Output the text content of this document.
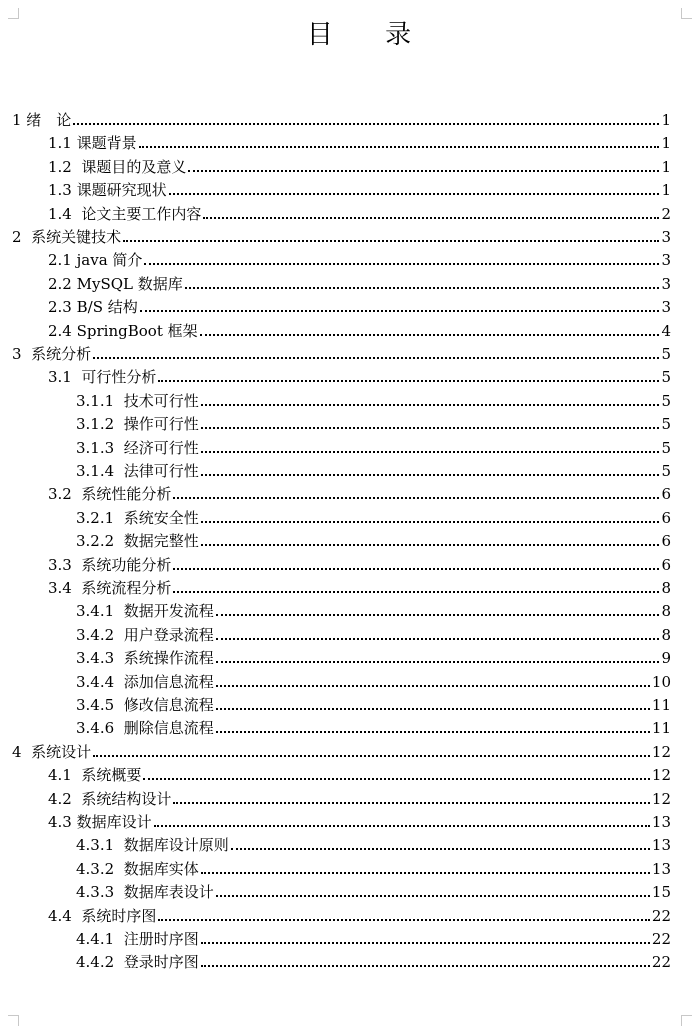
目 录
1 绪　论	1
1.1 课题背景	1
1.2  课题目的及意义	1
1.3 课题研究现状	1
1.4  论文主要工作内容	2
2  系统关键技术	3
2.1 java 简介	3
2.2 MySQL 数据库	3
2.3 B/S 结构	3
2.4 SpringBoot 框架	4
3  系统分析	5
3.1  可行性分析	5
3.1.1  技术可行性	5
3.1.2  操作可行性	5
3.1.3  经济可行性	5
3.1.4  法律可行性	5
3.2  系统性能分析	6
3.2.1  系统安全性	6
3.2.2  数据完整性	6
3.3  系统功能分析	6
3.4  系统流程分析	8
3.4.1  数据开发流程	8
3.4.2  用户登录流程	8
3.4.3  系统操作流程	9
3.4.4  添加信息流程	10
3.4.5  修改信息流程	11
3.4.6  删除信息流程	11
4  系统设计	12
4.1  系统概要	12
4.2  系统结构设计	12
4.3 数据库设计	13
4.3.1  数据库设计原则	13
4.3.2  数据库实体	13
4.3.3  数据库表设计	15
4.4  系统时序图	22
4.4.1  注册时序图	22
4.4.2  登录时序图	22
